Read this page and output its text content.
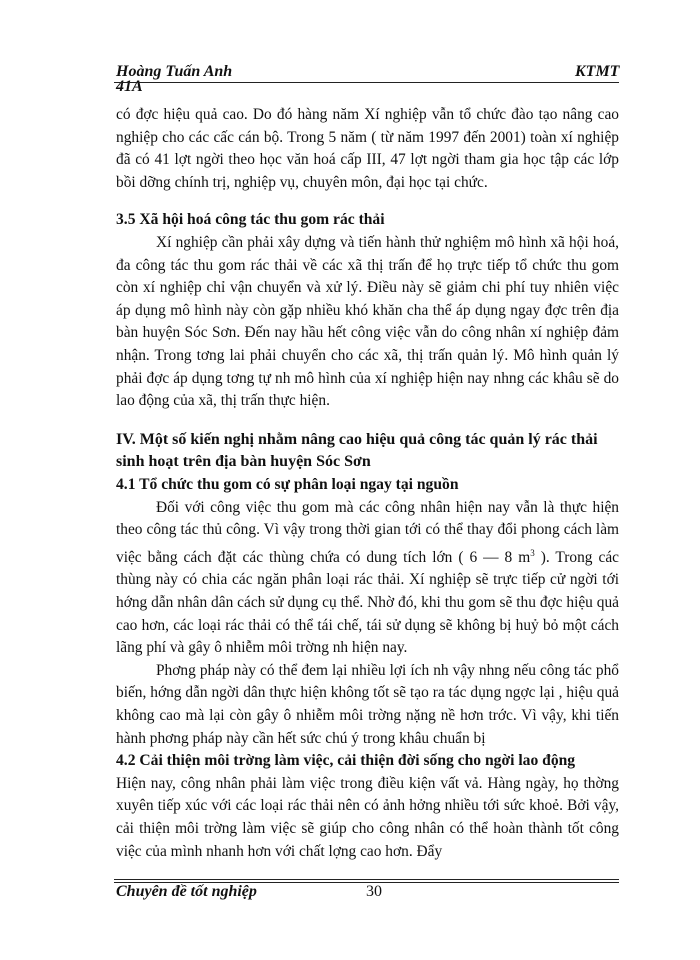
Hoàng Tuấn Anh	KTMT
41A

có đợc hiệu quả cao. Do đó hàng năm Xí nghiệp vẫn tổ chức đào tạo nâng cao nghiệp cho các cấc cán bộ. Trong 5 năm ( từ năm 1997 đến 2001) toàn xí nghiệp đã có 41 lợt ngời theo học văn hoá cấp III, 47 lợt ngời tham gia học tập các lớp bồi dỡng chính trị, nghiệp vụ, chuyên môn, đại học tại chức.

3.5 Xã hội hoá công tác thu gom rác thải

Xí nghiệp cần phải xây dựng và tiến hành thử nghiệm mô hình xã hội hoá, đa công tác thu gom rác thải về các xã thị trấn để họ trực tiếp tổ chức thu gom còn xí nghiệp chỉ vận chuyển và xử lý. Điều này sẽ giảm chi phí tuy nhiên việc áp dụng mô hình này còn gặp nhiều khó khăn cha thể áp dụng ngay đợc trên địa bàn huyện Sóc Sơn. Đến nay hầu hết công việc vẫn do công nhân xí nghiệp đảm nhận. Trong tơng lai phải chuyển cho các xã, thị trấn quản lý. Mô hình quản lý phải đợc áp dụng tơng tự nh mô hình của xí nghiệp hiện nay nhng các khâu sẽ do lao động của xã, thị trấn thực hiện.

IV. Một số kiến nghị nhằm nâng cao hiệu quả công tác quản lý rác thải

sinh hoạt trên địa bàn huyện Sóc Sơn

4.1 Tổ chức thu gom có sự phân loại ngay tại nguồn

Đối với công việc thu gom mà các công nhân hiện nay vẫn là thực hiện theo công tác thủ công. Vì vậy trong thời gian tới có thể thay đổi phong cách làm việc bằng cách đặt các thùng chứa có dung tích lớn ( 6 — 8 $m^3$ ). Trong các thùng này có chia các ngăn phân loại rác thải. Xí nghiệp sẽ trực tiếp cử ngời tới hớng dẫn nhân dân cách sử dụng cụ thể. Nhờ đó, khi thu gom sẽ thu đợc hiệu quả cao hơn, các loại rác thải có thể tái chế, tái sử dụng sẽ không bị huỷ bỏ một cách lãng phí và gây ô nhiễm môi trờng nh hiện nay.

Phơng pháp này có thể đem lại nhiều lợi ích nh vậy nhng nếu công tác phổ biến, hớng dẫn ngời dân thực hiện không tốt sẽ tạo ra tác dụng ngợc lại , hiệu quả không cao mà lại còn gây ô nhiễm môi trờng nặng nề hơn trớc. Vì vậy, khi tiến hành phơng pháp này cần hết sức chú ý trong khâu chuẩn bị

4.2 Cải thiện môi trờng làm việc, cải thiện đời sống cho ngời lao động

Hiện nay, công nhân phải làm việc trong điều kiện vất vả. Hàng ngày, họ thờng xuyên tiếp xúc với các loại rác thải nên có ảnh hởng nhiều tới sức khoẻ. Bởi vậy, cải thiện môi trờng làm việc sẽ giúp cho công nhân có thể hoàn thành tốt công việc của mình nhanh hơn với chất lợng cao hơn. Đẩy

Chuyên đề tốt nghiệp	30
